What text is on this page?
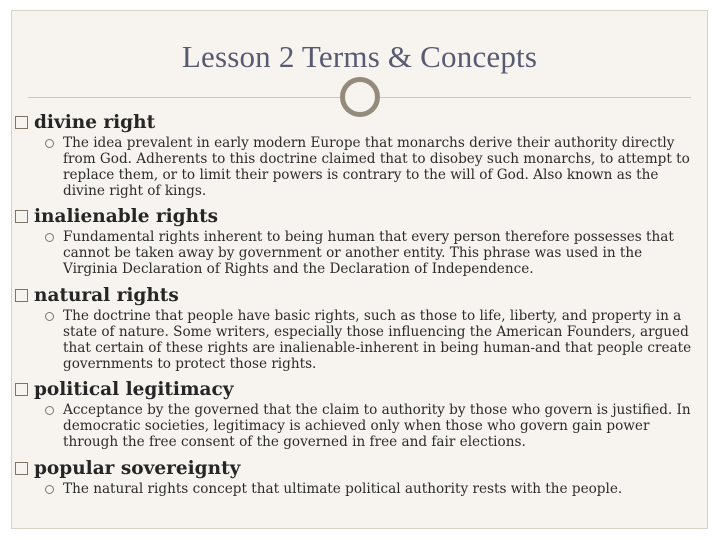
Lesson 2 Terms & Concepts
divine right
The idea prevalent in early modern Europe that monarchs derive their authority directly from God. Adherents to this doctrine claimed that to disobey such monarchs, to attempt to replace them, or to limit their powers is contrary to the will of God. Also known as the divine right of kings.
inalienable rights
Fundamental rights inherent to being human that every person therefore possesses that cannot be taken away by government or another entity. This phrase was used in the Virginia Declaration of Rights and the Declaration of Independence.
natural rights
The doctrine that people have basic rights, such as those to life, liberty, and property in a state of nature. Some writers, especially those influencing the American Founders, argued that certain of these rights are inalienable-inherent in being human-and that people create governments to protect those rights.
political legitimacy
Acceptance by the governed that the claim to authority by those who govern is justified. In democratic societies, legitimacy is achieved only when those who govern gain power through the free consent of the governed in free and fair elections.
popular sovereignty
The natural rights concept that ultimate political authority rests with the people.
